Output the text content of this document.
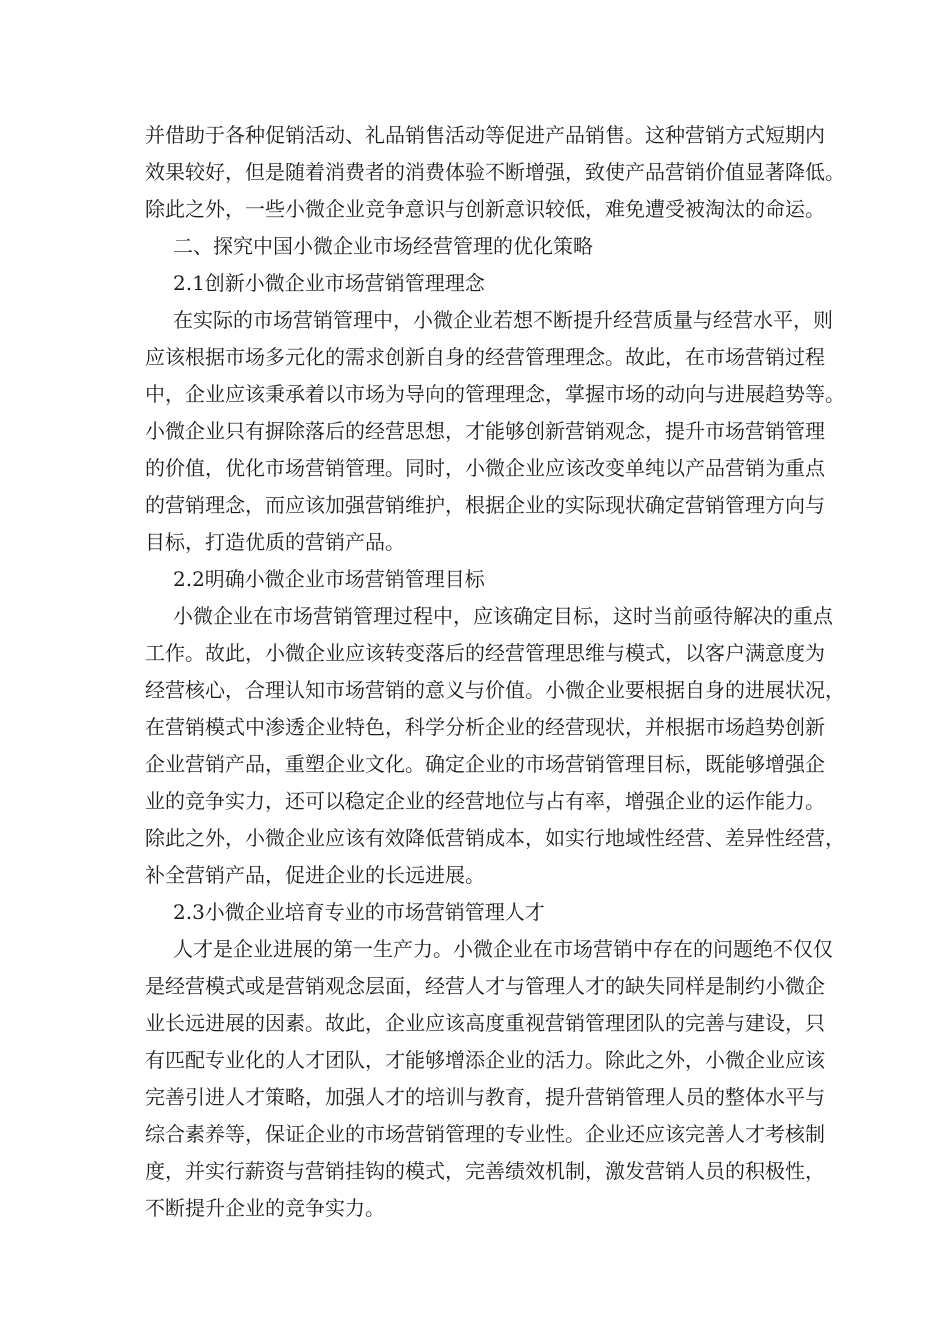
并借助于各种促销活动、礼品销售活动等促进产品销售。这种营销方式短期内
效果较好，但是随着消费者的消费体验不断增强，致使产品营销价值显著降低。
除此之外，一些小微企业竞争意识与创新意识较低，难免遭受被淘汰的命运。
二、探究中国小微企业市场经营管理的优化策略
2.1创新小微企业市场营销管理理念
在实际的市场营销管理中，小微企业若想不断提升经营质量与经营水平，则
应该根据市场多元化的需求创新自身的经营管理理念。故此，在市场营销过程
中，企业应该秉承着以市场为导向的管理理念，掌握市场的动向与进展趋势等。
小微企业只有摒除落后的经营思想，才能够创新营销观念，提升市场营销管理
的价值，优化市场营销管理。同时，小微企业应该改变单纯以产品营销为重点
的营销理念，而应该加强营销维护，根据企业的实际现状确定营销管理方向与
目标，打造优质的营销产品。
2.2明确小微企业市场营销管理目标
小微企业在市场营销管理过程中，应该确定目标，这时当前亟待解决的重点
工作。故此，小微企业应该转变落后的经营管理思维与模式，以客户满意度为
经营核心，合理认知市场营销的意义与价值。小微企业要根据自身的进展状况，
在营销模式中渗透企业特色，科学分析企业的经营现状，并根据市场趋势创新
企业营销产品，重塑企业文化。确定企业的市场营销管理目标，既能够增强企
业的竞争实力，还可以稳定企业的经营地位与占有率，增强企业的运作能力。
除此之外，小微企业应该有效降低营销成本，如实行地域性经营、差异性经营，
补全营销产品，促进企业的长远进展。
2.3小微企业培育专业的市场营销管理人才
人才是企业进展的第一生产力。小微企业在市场营销中存在的问题绝不仅仅
是经营模式或是营销观念层面，经营人才与管理人才的缺失同样是制约小微企
业长远进展的因素。故此，企业应该高度重视营销管理团队的完善与建设，只
有匹配专业化的人才团队，才能够增添企业的活力。除此之外，小微企业应该
完善引进人才策略，加强人才的培训与教育，提升营销管理人员的整体水平与
综合素养等，保证企业的市场营销管理的专业性。企业还应该完善人才考核制
度，并实行薪资与营销挂钩的模式，完善绩效机制，激发营销人员的积极性，
不断提升企业的竞争实力。
